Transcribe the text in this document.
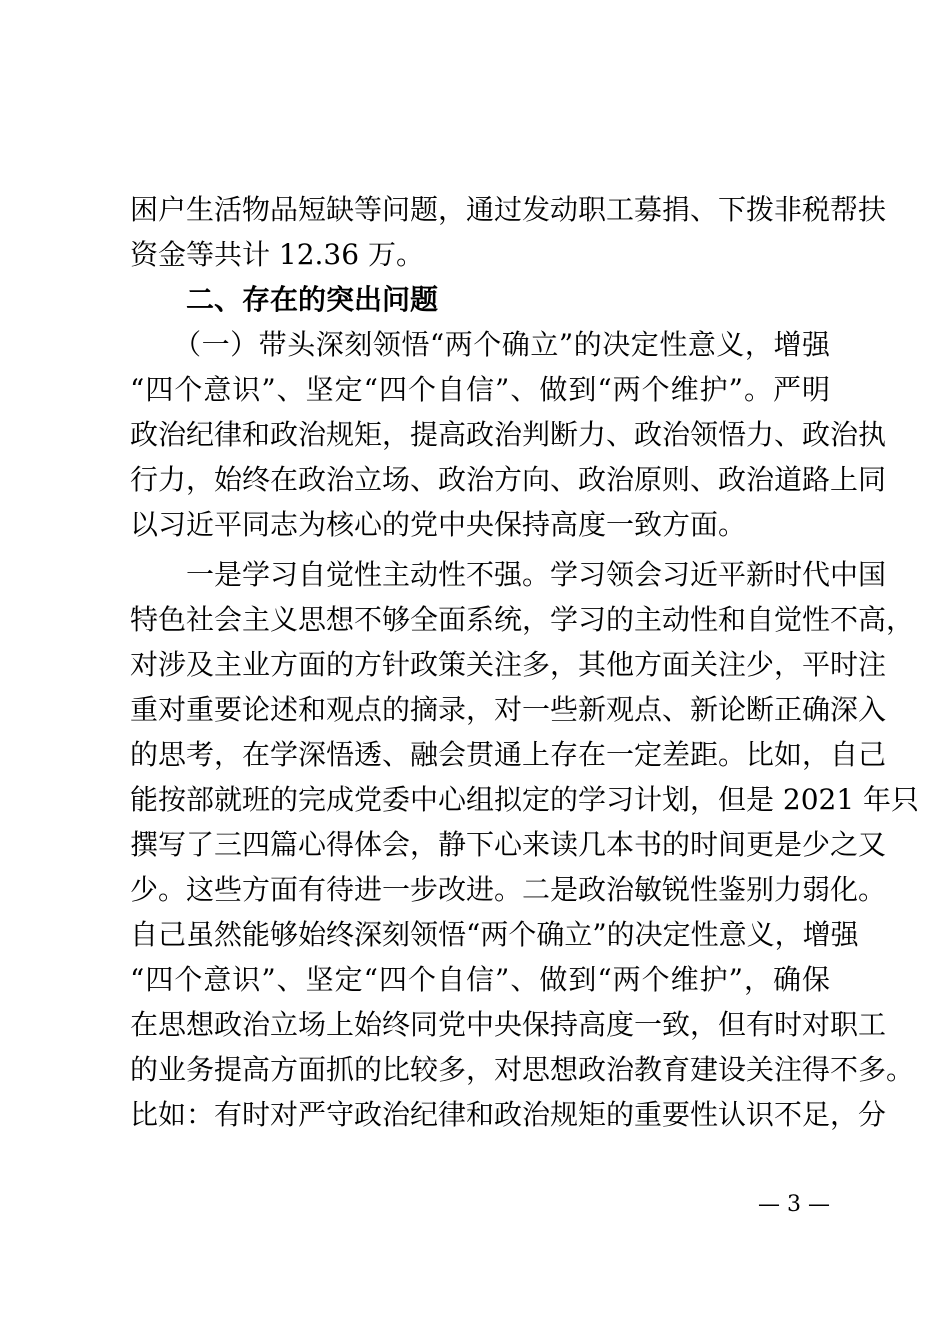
困户生活物品短缺等问题，通过发动职工募捐、下拨非税帮扶
资金等共计 12.36 万。
　　二、存在的突出问题
　　（一）带头深刻领悟“两个确立”的决定性意义，增强
“四个意识”、坚定“四个自信”、做到“两个维护”。严明
政治纪律和政治规矩，提高政治判断力、政治领悟力、政治执
行力，始终在政治立场、政治方向、政治原则、政治道路上同
以习近平同志为核心的党中央保持高度一致方面。
　　一是学习自觉性主动性不强。学习领会习近平新时代中国
特色社会主义思想不够全面系统，学习的主动性和自觉性不高，
对涉及主业方面的方针政策关注多，其他方面关注少，平时注
重对重要论述和观点的摘录，对一些新观点、新论断正确深入
的思考，在学深悟透、融会贯通上存在一定差距。比如，自己
能按部就班的完成党委中心组拟定的学习计划，但是 2021 年只
撰写了三四篇心得体会，静下心来读几本书的时间更是少之又
少。这些方面有待进一步改进。二是政治敏锐性鉴别力弱化。
自己虽然能够始终深刻领悟“两个确立”的决定性意义，增强
“四个意识”、坚定“四个自信”、做到“两个维护”，确保
在思想政治立场上始终同党中央保持高度一致，但有时对职工
的业务提高方面抓的比较多，对思想政治教育建设关注得不多。
比如：有时对严守政治纪律和政治规矩的重要性认识不足，分
— 3 —
